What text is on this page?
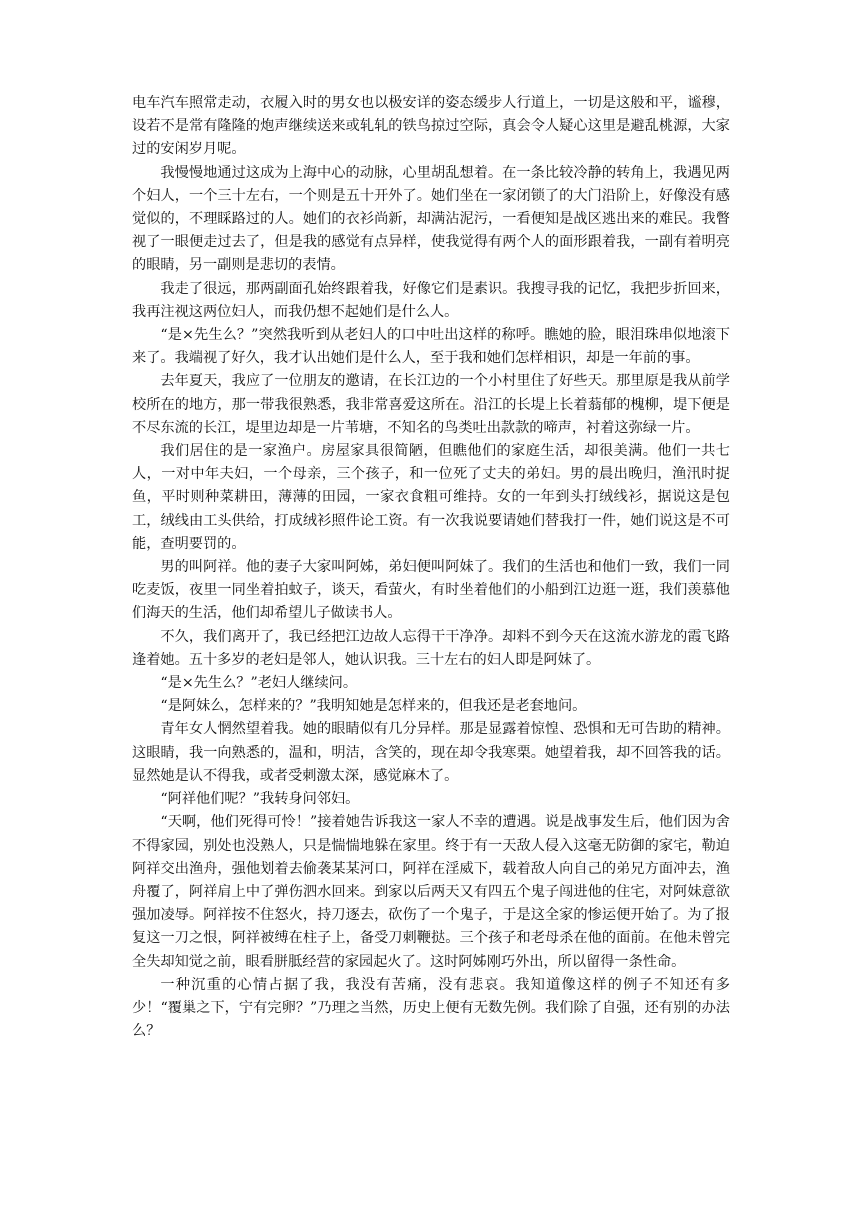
电车汽车照常走动，衣履入时的男女也以极安详的姿态缓步人行道上，一切是这般和平，谧穆，设若不是常有隆隆的炮声继续送来或轧轧的铁鸟掠过空际，真会令人疑心这里是避乱桃源，大家过的安闲岁月呢。

我慢慢地通过这成为上海中心的动脉，心里胡乱想着。在一条比较冷静的转角上，我遇见两个妇人，一个三十左右，一个则是五十开外了。她们坐在一家闭锁了的大门沿阶上，好像没有感觉似的，不理睬路过的人。她们的衣衫尚新，却满沾泥污，一看便知是战区逃出来的难民。我瞥视了一眼便走过去了，但是我的感觉有点异样，使我觉得有两个人的面形跟着我，一副有着明亮的眼睛，另一副则是悲切的表情。

我走了很远，那两副面孔始终跟着我，好像它们是素识。我搜寻我的记忆，我把步折回来，我再注视这两位妇人，而我仍想不起她们是什么人。

“是×先生么？”突然我听到从老妇人的口中吐出这样的称呼。瞧她的脸，眼泪珠串似地滚下来了。我端视了好久，我才认出她们是什么人，至于我和她们怎样相识，却是一年前的事。

去年夏天，我应了一位朋友的邀请，在长江边的一个小村里住了好些天。那里原是我从前学校所在的地方，那一带我很熟悉，我非常喜爱这所在。沿江的长堤上长着蓊郁的槐柳，堤下便是不尽东流的长江，堤里边却是一片苇塘，不知名的鸟类吐出款款的啼声，衬着这弥绿一片。

我们居住的是一家渔户。房屋家具很简陋，但瞧他们的家庭生活，却很美满。他们一共七人，一对中年夫妇，一个母亲，三个孩子，和一位死了丈夫的弟妇。男的晨出晚归，渔汛时捉鱼，平时则种菜耕田，薄薄的田园，一家衣食粗可维持。女的一年到头打绒线衫，据说这是包工，绒线由工头供给，打成绒衫照件论工资。有一次我说要请她们替我打一件，她们说这是不可能，查明要罚的。

男的叫阿祥。他的妻子大家叫阿姊，弟妇便叫阿妹了。我们的生活也和他们一致，我们一同吃麦饭，夜里一同坐着拍蚊子，谈天，看萤火，有时坐着他们的小船到江边逛一逛，我们羡慕他们海天的生活，他们却希望儿子做读书人。

不久，我们离开了，我已经把江边故人忘得干干净净。却料不到今天在这流水游龙的霞飞路逢着她。五十多岁的老妇是邻人，她认识我。三十左右的妇人即是阿妹了。

“是×先生么？”老妇人继续问。

“是阿妹么，怎样来的？”我明知她是怎样来的，但我还是老套地问。

青年女人惘然望着我。她的眼睛似有几分异样。那是显露着惊惶、恐惧和无可告助的精神。这眼睛，我一向熟悉的，温和，明洁，含笑的，现在却令我寒栗。她望着我，却不回答我的话。显然她是认不得我，或者受刺激太深，感觉麻木了。

“阿祥他们呢？”我转身问邻妇。

“天啊，他们死得可怜！”接着她告诉我这一家人不幸的遭遇。说是战事发生后，他们因为舍不得家园，别处也没熟人，只是惴惴地躲在家里。终于有一天敌人侵入这毫无防御的家宅，勒迫阿祥交出渔舟，强他划着去偷袭某某河口，阿祥在淫威下，载着敌人向自己的弟兄方面冲去，渔舟覆了，阿祥肩上中了弹伤泗水回来。到家以后两天又有四五个鬼子闯进他的住宅，对阿妹意欲强加凌辱。阿祥按不住怒火，持刀逐去，砍伤了一个鬼子，于是这全家的惨运便开始了。为了报复这一刀之恨，阿祥被缚在柱子上，备受刀刺鞭挞。三个孩子和老母杀在他的面前。在他未曾完全失却知觉之前，眼看胼胝经营的家园起火了。这时阿姊刚巧外出，所以留得一条性命。

一种沉重的心情占据了我，我没有苦痛，没有悲哀。我知道像这样的例子不知还有多少！“覆巢之下，宁有完卵？”乃理之当然，历史上便有无数先例。我们除了自强，还有别的办法么？
